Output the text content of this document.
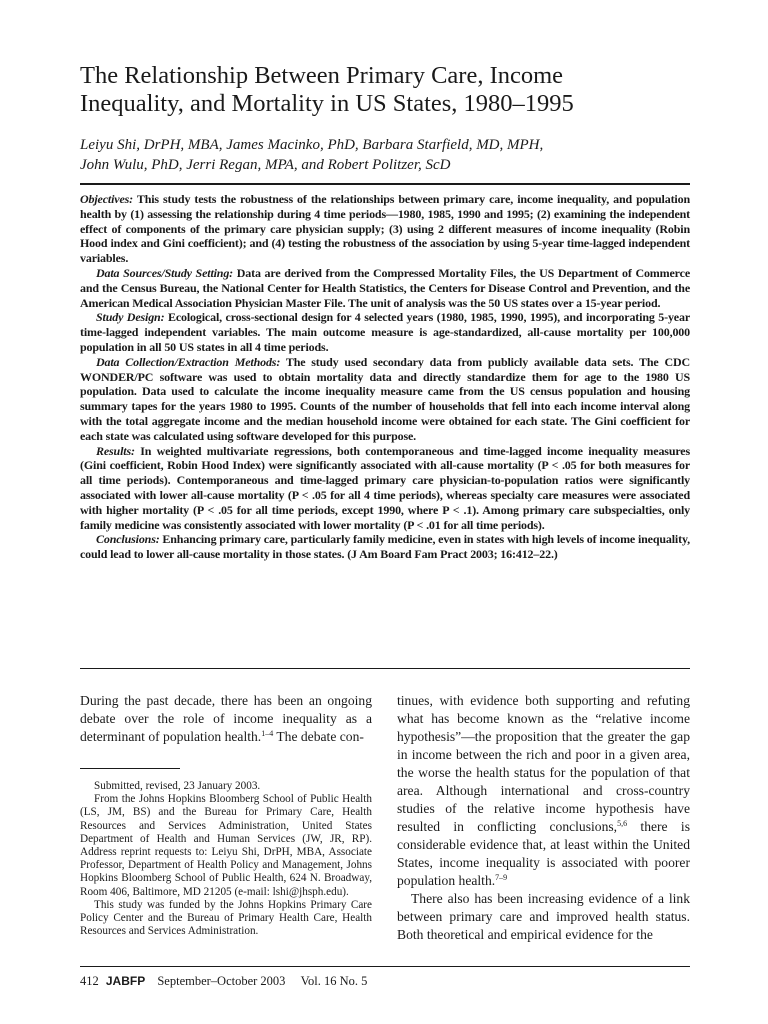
The Relationship Between Primary Care, Income
Inequality, and Mortality in US States, 1980–1995
Leiyu Shi, DrPH, MBA, James Macinko, PhD, Barbara Starfield, MD, MPH,
John Wulu, PhD, Jerri Regan, MPA, and Robert Politzer, ScD

Objectives: This study tests the robustness of the relationships between primary care, income inequality, and population health by (1) assessing the relationship during 4 time periods—1980, 1985, 1990 and 1995; (2) examining the independent effect of components of the primary care physician supply; (3) using 2 different measures of income inequality (Robin Hood index and Gini coefficient); and (4) testing the robustness of the association by using 5-year time-lagged independent variables.

Data Sources/Study Setting: Data are derived from the Compressed Mortality Files, the US Department of Commerce and the Census Bureau, the National Center for Health Statistics, the Centers for Disease Control and Prevention, and the American Medical Association Physician Master File. The unit of analysis was the 50 US states over a 15-year period.

Study Design: Ecological, cross-sectional design for 4 selected years (1980, 1985, 1990, 1995), and incorporating 5-year time-lagged independent variables. The main outcome measure is age-standardized, all-cause mortality per 100,000 population in all 50 US states in all 4 time periods.

Data Collection/Extraction Methods: The study used secondary data from publicly available data sets. The CDC WONDER/PC software was used to obtain mortality data and directly standardize them for age to the 1980 US population. Data used to calculate the income inequality measure came from the US census population and housing summary tapes for the years 1980 to 1995. Counts of the number of households that fell into each income interval along with the total aggregate income and the median household income were obtained for each state. The Gini coefficient for each state was calculated using software developed for this purpose.

Results: In weighted multivariate regressions, both contemporaneous and time-lagged income inequality measures (Gini coefficient, Robin Hood Index) were significantly associated with all-cause mortality (P < .05 for both measures for all time periods). Contemporaneous and time-lagged primary care physician-to-population ratios were significantly associated with lower all-cause mortality (P < .05 for all 4 time periods), whereas specialty care measures were associated with higher mortality (P < .05 for all time periods, except 1990, where P < .1). Among primary care subspecialties, only family medicine was consistently associated with lower mortality (P < .01 for all time periods).

Conclusions: Enhancing primary care, particularly family medicine, even in states with high levels of income inequality, could lead to lower all-cause mortality in those states. (J Am Board Fam Pract 2003; 16:412–22.)

During the past decade, there has been an ongoing debate over the role of income inequality as a determinant of population health.$^{1-4}$ The debate con-

Submitted, revised, 23 January 2003.

From the Johns Hopkins Bloomberg School of Public Health (LS, JM, BS) and the Bureau for Primary Care, Health Resources and Services Administration, United States Department of Health and Human Services (JW, JR, RP). Address reprint requests to: Leiyu Shi, DrPH, MBA, Associate Professor, Department of Health Policy and Management, Johns Hopkins Bloomberg School of Public Health, 624 N. Broadway, Room 406, Baltimore, MD 21205 (e-mail: lshi@jhsph.edu).

This study was funded by the Johns Hopkins Primary Care Policy Center and the Bureau of Primary Health Care, Health Resources and Services Administration.

tinues, with evidence both supporting and refuting what has become known as the “relative income hypothesis”—the proposition that the greater the gap in income between the rich and poor in a given area, the worse the health status for the population of that area. Although international and cross-country studies of the relative income hypothesis have resulted in conflicting conclusions,$^{5,6}$ there is considerable evidence that, at least within the United States, income inequality is associated with poorer population health.$^{7-9}$

There also has been increasing evidence of a link between primary care and improved health status. Both theoretical and empirical evidence for the

412 JABFP September–October 2003 Vol. 16 No. 5
